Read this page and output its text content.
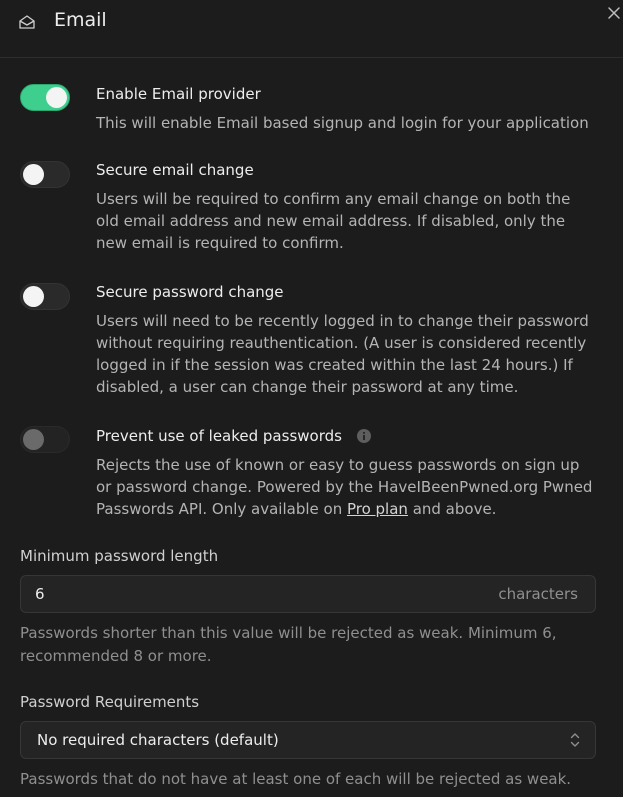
Email
Enable Email provider
This will enable Email based signup and login for your application
Secure email change
Users will be required to confirm any email change on both the old email address and new email address. If disabled, only the new email is required to confirm.
Secure password change
Users will need to be recently logged in to change their password without requiring reauthentication. (A user is considered recently logged in if the session was created within the last 24 hours.) If disabled, a user can change their password at any time.
Prevent use of leaked passwords
Rejects the use of known or easy to guess passwords on sign up or password change. Powered by the HaveIBeenPwned.org Pwned Passwords API. Only available on Pro plan and above.
Minimum password length
6
characters
Passwords shorter than this value will be rejected as weak. Minimum 6, recommended 8 or more.
Password Requirements
No required characters (default)
Passwords that do not have at least one of each will be rejected as weak.
